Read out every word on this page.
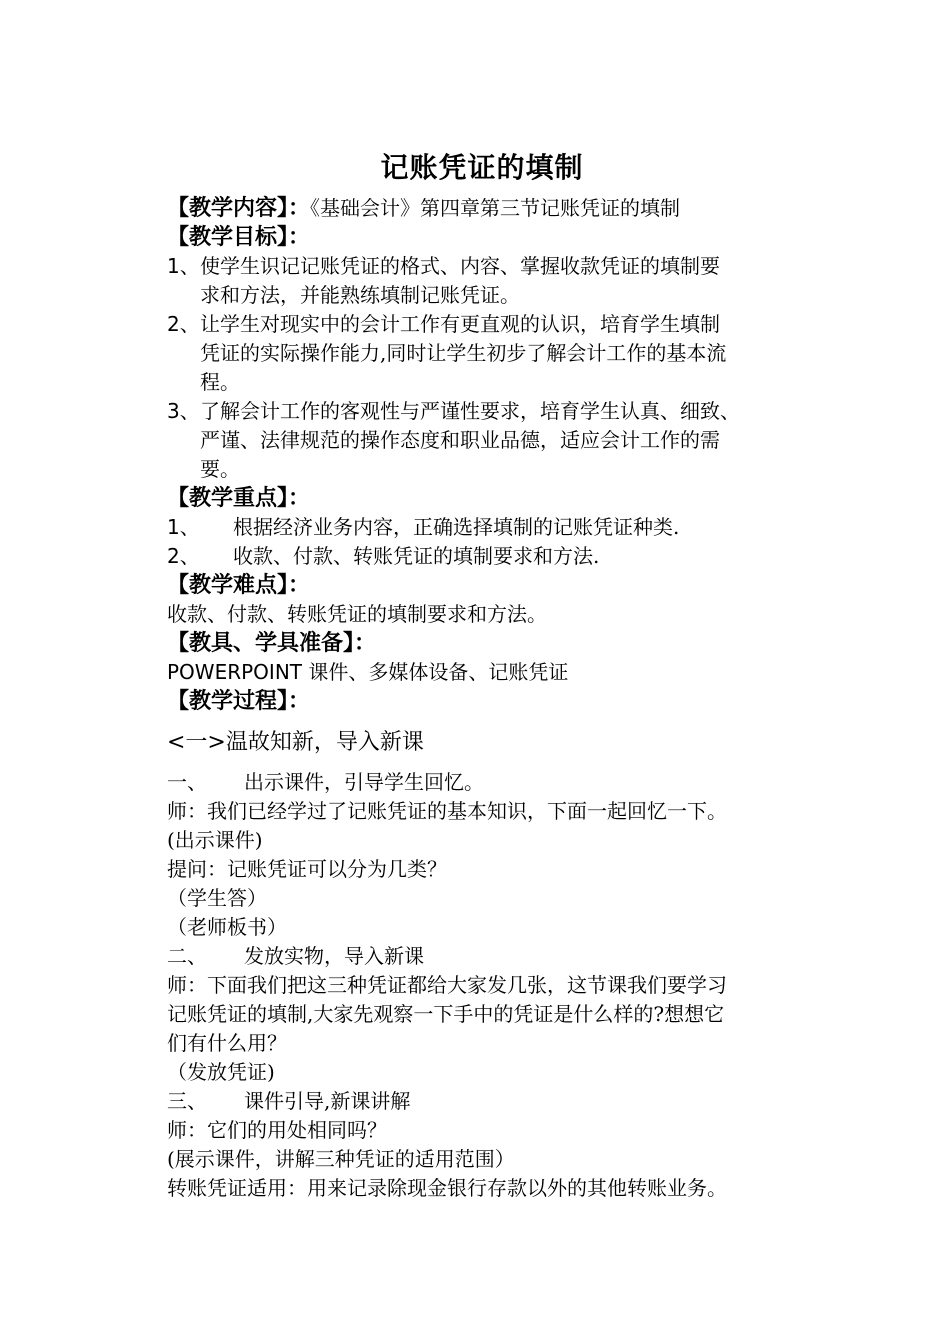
记账凭证的填制
【教学内容】：《基础会计》第四章第三节记账凭证的填制
【教学目标】：
1、使学生识记记账凭证的格式、内容、掌握收款凭证的填制要
求和方法，并能熟练填制记账凭证。
2、让学生对现实中的会计工作有更直观的认识，培育学生填制
凭证的实际操作能力,同时让学生初步了解会计工作的基本流
程。
3、了解会计工作的客观性与严谨性要求，培育学生认真、细致、
严谨、法律规范的操作态度和职业品德，适应会计工作的需
要。
【教学重点】：
1、 根据经济业务内容，正确选择填制的记账凭证种类.
2、 收款、付款、转账凭证的填制要求和方法.
【教学难点】：
收款、付款、转账凭证的填制要求和方法。
【教具、学具准备】：
POWERPOINT 课件、多媒体设备、记账凭证
【教学过程】：
<一>温故知新，导入新课
一、 出示课件，引导学生回忆。
师：我们已经学过了记账凭证的基本知识，下面一起回忆一下。
(出示课件)
提问：记账凭证可以分为几类？
（学生答）
（老师板书）
二、 发放实物，导入新课
师：下面我们把这三种凭证都给大家发几张，这节课我们要学习
记账凭证的填制,大家先观察一下手中的凭证是什么样的?想想它
们有什么用？
（发放凭证)
三、 课件引导,新课讲解
师：它们的用处相同吗？
(展示课件，讲解三种凭证的适用范围）
转账凭证适用：用来记录除现金银行存款以外的其他转账业务。
